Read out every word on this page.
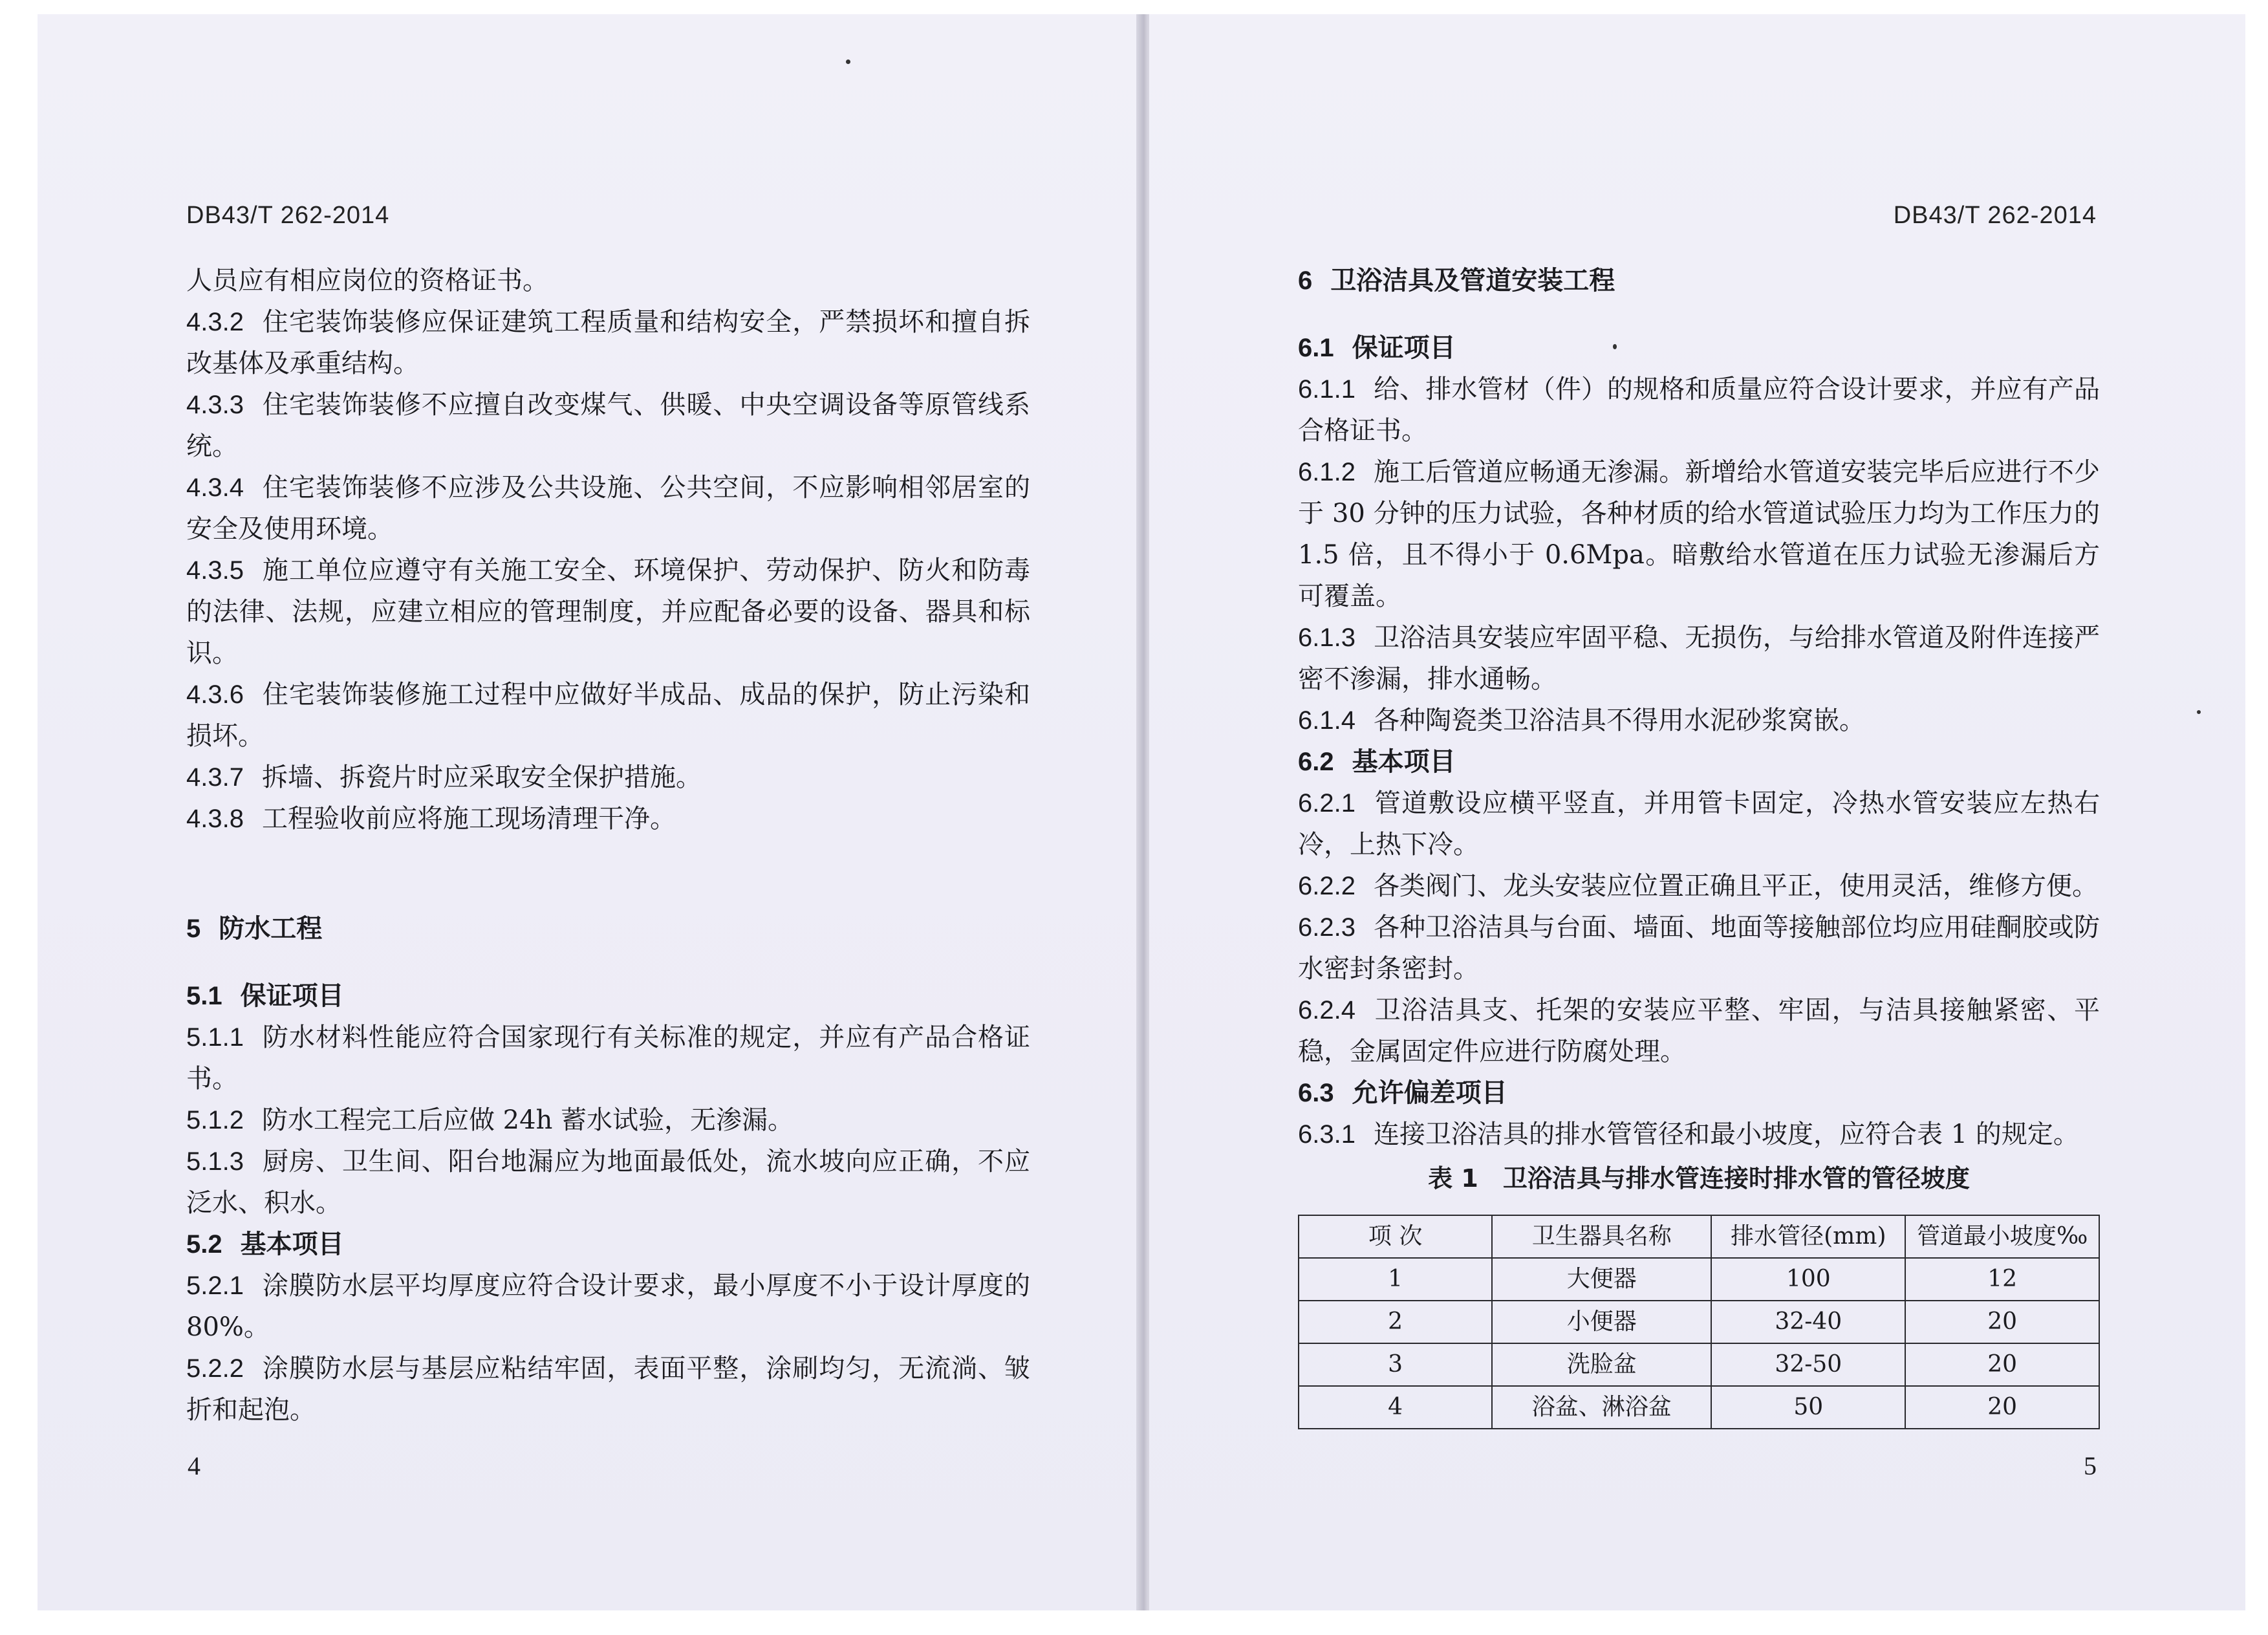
DB43/T 262-2014

人员应有相应岗位的资格证书。

4.3.2 住宅装饰装修应保证建筑工程质量和结构安全，严禁损坏和擅自拆改基体及承重结构。

4.3.3 住宅装饰装修不应擅自改变煤气、供暖、中央空调设备等原管线系统。

4.3.4 住宅装饰装修不应涉及公共设施、公共空间，不应影响相邻居室的安全及使用环境。

4.3.5 施工单位应遵守有关施工安全、环境保护、劳动保护、防火和防毒的法律、法规，应建立相应的管理制度，并应配备必要的设备、器具和标识。

4.3.6 住宅装饰装修施工过程中应做好半成品、成品的保护，防止污染和损坏。

4.3.7 拆墙、拆瓷片时应采取安全保护措施。

4.3.8 工程验收前应将施工现场清理干净。

5 防水工程

5.1 保证项目

5.1.1 防水材料性能应符合国家现行有关标准的规定，并应有产品合格证书。

5.1.2 防水工程完工后应做 24h 蓄水试验，无渗漏。

5.1.3 厨房、卫生间、阳台地漏应为地面最低处，流水坡向应正确，不应泛水、积水。

5.2 基本项目

5.2.1 涂膜防水层平均厚度应符合设计要求，最小厚度不小于设计厚度的 80%。

5.2.2 涂膜防水层与基层应粘结牢固，表面平整，涂刷均匀，无流淌、皱折和起泡。

4
DB43/T 262-2014

6 卫浴洁具及管道安装工程

6.1 保证项目

6.1.1 给、排水管材（件）的规格和质量应符合设计要求，并应有产品合格证书。

6.1.2 施工后管道应畅通无渗漏。新增给水管道安装完毕后应进行不少于 30 分钟的压力试验，各种材质的给水管道试验压力均为工作压力的 1.5 倍，且不得小于 0.6Mpa。暗敷给水管道在压力试验无渗漏后方可覆盖。

6.1.3 卫浴洁具安装应牢固平稳、无损伤，与给排水管道及附件连接严密不渗漏，排水通畅。

6.1.4 各种陶瓷类卫浴洁具不得用水泥砂浆窝嵌。

6.2 基本项目

6.2.1 管道敷设应横平竖直，并用管卡固定，冷热水管安装应左热右冷，上热下冷。

6.2.2 各类阀门、龙头安装应位置正确且平正，使用灵活，维修方便。

6.2.3 各种卫浴洁具与台面、墙面、地面等接触部位均应用硅酮胶或防水密封条密封。

6.2.4 卫浴洁具支、托架的安装应平整、牢固，与洁具接触紧密、平稳，金属固定件应进行防腐处理。

6.3 允许偏差项目

6.3.1 连接卫浴洁具的排水管管径和最小坡度，应符合表 1 的规定。

表 1　卫浴洁具与排水管连接时排水管的管径坡度
项 次	卫生器具名称	排水管径(mm)	管道最小坡度‰
1	大便器	100	12
2	小便器	32-40	20
3	洗脸盆	32-50	20
4	浴盆、淋浴盆	50	20
5
